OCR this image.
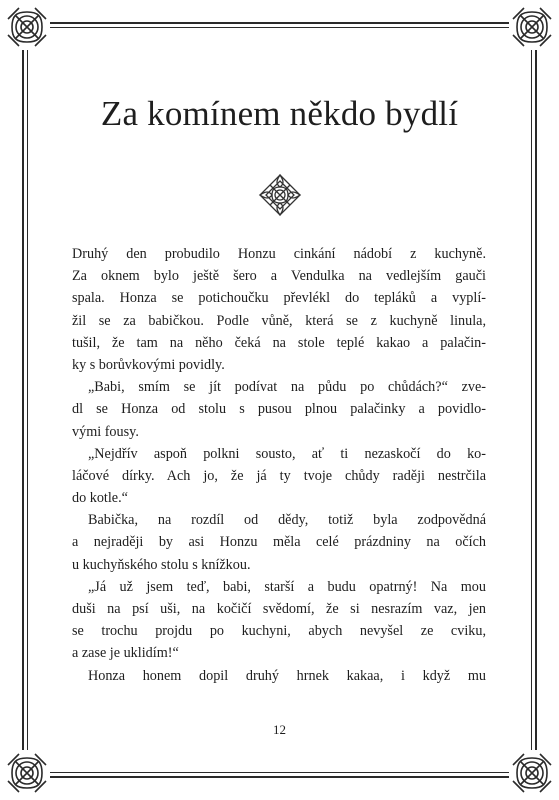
Za komínem někdo bydlí
Druhý den probudilo Honzu cinkání nádobí z kuchyně.
Za oknem bylo ještě šero a Vendulka na vedlejším gauči
spala. Honza se potichoučku převlékl do tepláků a vyplí-
žil se za babičkou. Podle vůně, která se z kuchyně linula,
tušil, že tam na něho čeká na stole teplé kakao a palačin-
ky s borůvkovými povidly.
„Babi, smím se jít podívat na půdu po chůdách?“ zve-
dl se Honza od stolu s pusou plnou palačinky a povidlo-
vými fousy.
„Nejdřív aspoň polkni sousto, ať ti nezaskočí do ko-
láčové dírky. Ach jo, že já ty tvoje chůdy raději nestrčila
do kotle.“
Babička, na rozdíl od dědy, totiž byla zodpovědná
a nejraději by asi Honzu měla celé prázdniny na očích
u kuchyňského stolu s knížkou.
„Já už jsem teď, babi, starší a budu opatrný! Na mou
duši na psí uši, na kočičí svědomí, že si nesrazím vaz, jen
se trochu projdu po kuchyni, abych nevyšel ze cviku,
a zase je uklidím!“
Honza honem dopil druhý hrnek kakaa, i když mu
12
